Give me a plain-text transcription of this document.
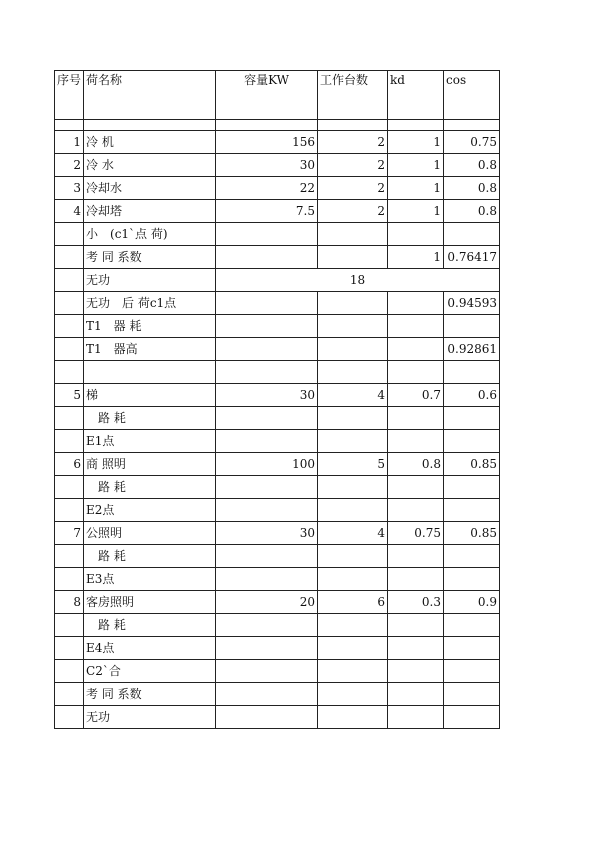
序号	荷名称	容量KW	工作台数	kd	cos

1	冷 机	156	2	1	0.75
2	冷 水	30	2	1	0.8
3	冷却水	22	2	1	0.8
4	冷却塔	7.5	2	1	0.8
	小　(c1`点 荷)				
	考 同 系数			1	0.76417
	无功	18			
	无功　后 荷c1点				0.94593
	T1　器 耗				
	T1　器高				0.92861

5	梯	30	4	0.7	0.6
	　路 耗				
	E1点				
6	商 照明	100	5	0.8	0.85
	　路 耗				
	E2点				
7	公照明	30	4	0.75	0.85
	　路 耗				
	E3点				
8	客房照明	20	6	0.3	0.9
	　路 耗				
	E4点				
	C2`合				
	考 同 系数				
	无功				
